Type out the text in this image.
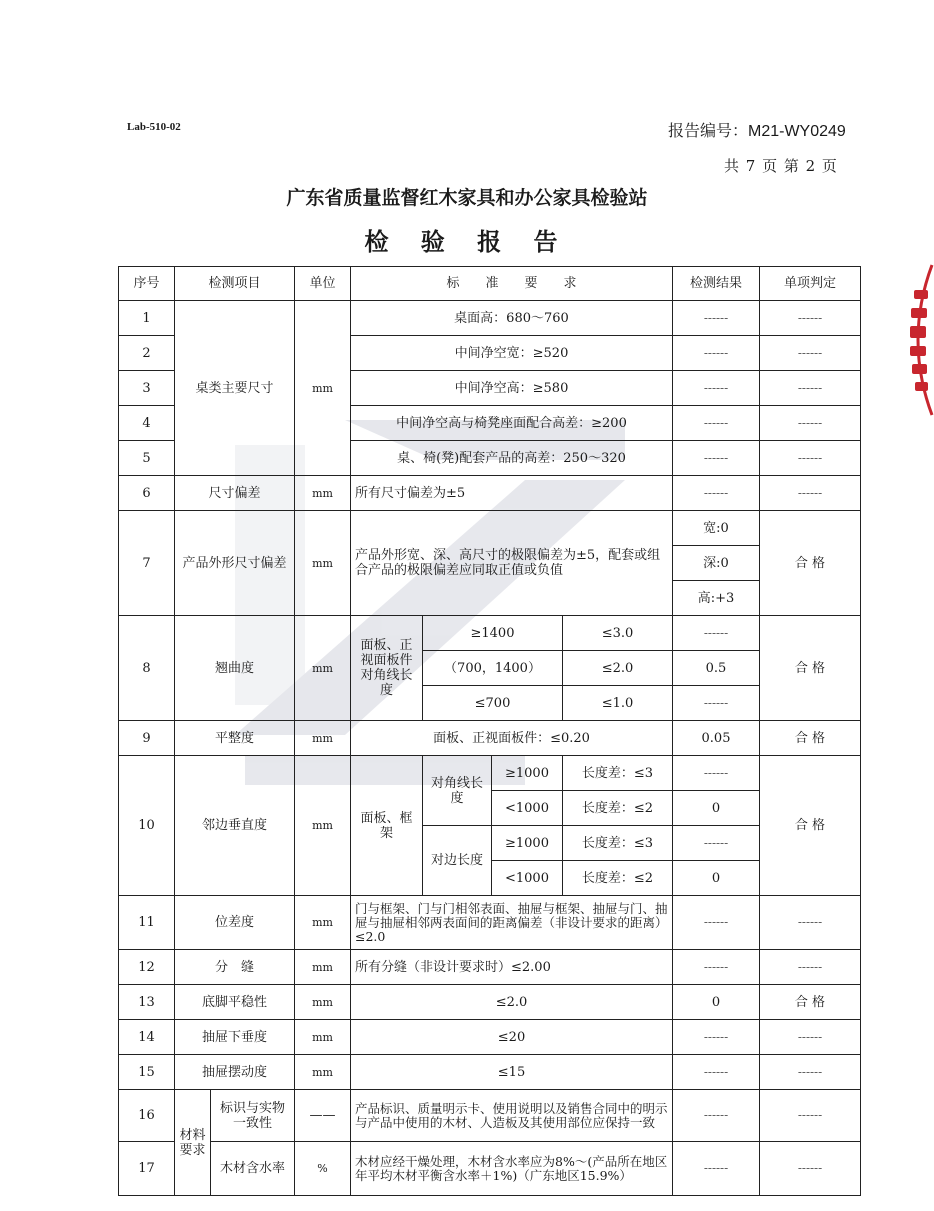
Lab-510-02	报告编号：M21-WY0249
共 7 页 第 2 页
广东省质量监督红木家具和办公家具检验站
检 验 报 告
序号	检测项目		单位	标　　准　　要　　求				检测结果	单项判定
1	桌类主要尺寸		mm	桌面高：680～760				------	------
2				中间净空宽：≥520				------	------
3				中间净空高：≥580				------	------
4				中间净空高与椅凳座面配合高差：≥200				------	------
5				桌、椅(凳)配套产品的高差：250～320				------	------
6	尺寸偏差		mm	所有尺寸偏差为±5				------	------
7	产品外形尺寸偏差		mm	产品外形宽、深、高尺寸的极限偏差为±5，配套或组合产品的极限偏差应同取正值或负值				宽:0	合 格
								深:0	
								高:+3	
8	翘曲度		mm	面板、正视面板件对角线长度	≥1400		≤3.0	------	合 格
					（700，1400）		≤2.0	0.5	
					≤700		≤1.0	------	
9	平整度		mm	面板、正视面板件：≤0.20				0.05	合 格
10	邻边垂直度		mm	面板、框架	对角线长度	≥1000	长度差：≤3	------	合 格
						<1000	长度差：≤2	0	
					对边长度	≥1000	长度差：≤3	------	
						<1000	长度差：≤2	0	
11	位差度		mm	门与框架、门与门相邻表面、抽屉与框架、抽屉与门、抽屉与抽屉相邻两表面间的距离偏差（非设计要求的距离）≤2.0				------	------
12	分　缝		mm	所有分缝（非设计要求时）≤2.00				------	------
13	底脚平稳性		mm	≤2.0				0	合 格
14	抽屉下垂度		mm	≤20				------	------
15	抽屉摆动度		mm	≤15				------	------
16	材料要求	标识与实物一致性	——	产品标识、质量明示卡、使用说明以及销售合同中的明示与产品中使用的木材、人造板及其使用部位应保持一致				------	------
17		木材含水率	%	木材应经干燥处理，木材含水率应为8%～(产品所在地区年平均木材平衡含水率＋1%)（广东地区15.9%）				------	------
